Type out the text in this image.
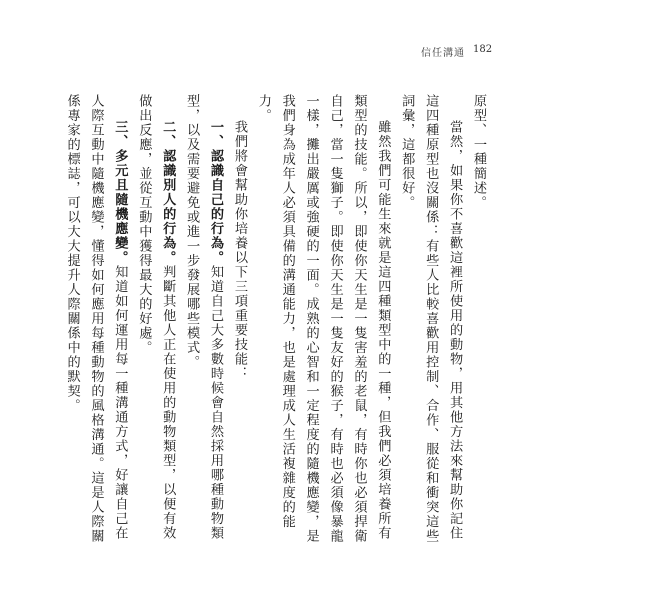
信任溝通 182

原型、一種簡述。

當然，如果你不喜歡這裡所使用的動物，用其他方法來幫助你記住這四種原型也沒關係：有些人比較喜歡用控制、合作、服從和衝突這些詞彙，這都很好。

雖然我們可能生來就是這四種類型中的一種，但我們必須培養所有類型的技能。所以，即使你天生是一隻害羞的老鼠，有時你也必須捍衛自己，當一隻獅子。即使你天生是一隻友好的猴子，有時也必須像暴龍一樣，攤出嚴厲或強硬的一面。成熟的心智和一定程度的隨機應變，是我們身為成年人必須具備的溝通能力，也是處理成人生活複雜度的能力。

我們將會幫助你培養以下三項重要技能：

一、認識自己的行為。知道自己大多數時候會自然採用哪種動物類型，以及需要避免或進一步發展哪些模式。

二、認識別人的行為。判斷其他人正在使用的動物類型，以便有效做出反應，並從互動中獲得最大的好處。

三、多元且隨機應變。知道如何運用每一種溝通方式，好讓自己在人際互動中隨機應變，懂得如何應用每種動物的風格溝通。這是人際關係專家的標誌，可以大大提升人際關係中的默契。
